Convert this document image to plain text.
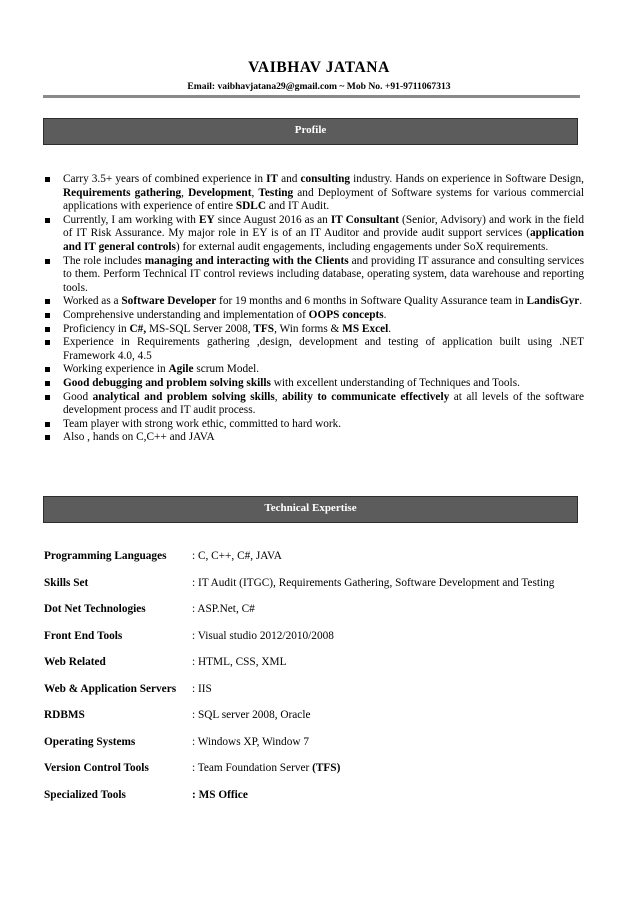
VAIBHAV JATANA
Email: vaibhavjatana29@gmail.com ~ Mob No. +91-9711067313
Profile
Carry 3.5+ years of combined experience in IT and consulting industry. Hands on experience in Software Design, Requirements gathering, Development, Testing and Deployment of Software systems for various commercial applications with experience of entire SDLC and IT Audit.
Currently, I am working with EY since August 2016 as an IT Consultant (Senior, Advisory) and work in the field of IT Risk Assurance. My major role in EY is of an IT Auditor and provide audit support services (application and IT general controls) for external audit engagements, including engagements under SoX requirements.
The role includes managing and interacting with the Clients and providing IT assurance and consulting services to them. Perform Technical IT control reviews including database, operating system, data warehouse and reporting tools.
Worked as a Software Developer for 19 months and 6 months in Software Quality Assurance team in LandisGyr.
Comprehensive understanding and implementation of OOPS concepts.
Proficiency in C#, MS-SQL Server 2008, TFS, Win forms & MS Excel.
Experience in Requirements gathering ,design, development and testing of application built using .NET Framework 4.0, 4.5
Working experience in Agile scrum Model.
Good debugging and problem solving skills with excellent understanding of Techniques and Tools.
Good analytical and problem solving skills, ability to communicate effectively at all levels of the software development process and IT audit process.
Team player with strong work ethic, committed to hard work.
Also , hands on C,C++ and JAVA
Technical Expertise
Programming Languages : C, C++, C#, JAVA
Skills Set	: IT Audit (ITGC), Requirements Gathering, Software Development and Testing
Dot Net Technologies	: ASP.Net, C#
Front End Tools	: Visual studio 2012/2010/2008
Web Related	: HTML, CSS, XML
Web & Application Servers : IIS
RDBMS	: SQL server 2008, Oracle
Operating Systems	: Windows XP, Window 7
Version Control Tools	: Team Foundation Server (TFS)
Specialized Tools	: MS Office
